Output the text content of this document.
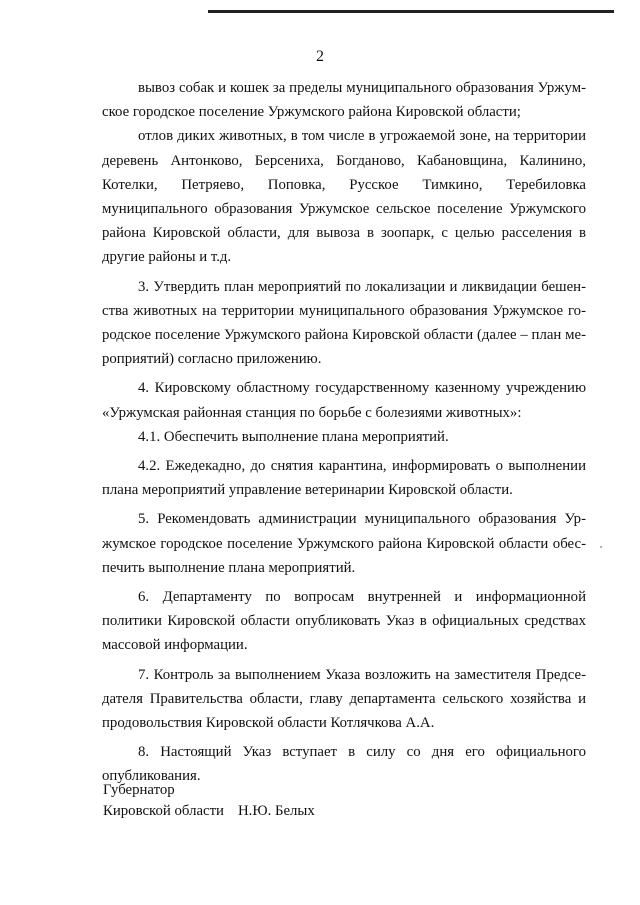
2

вывоз собак и кошек за пределы муниципального образования Уржумское городское поселение Уржумского района Кировской области;

отлов диких животных, в том числе в угрожаемой зоне, на территории деревень Антонково, Берсениха, Богданово, Кабановщина, Калинино, Котелки, Петряево, Поповка, Русское Тимкино, Теребиловка муниципального образования Уржумское сельское поселение Уржумского района Кировской области, для вывоза в зоопарк, с целью расселения в другие районы и т.д.

3. Утвердить план мероприятий по локализации и ликвидации бешенства животных на территории муниципального образования Уржумское городское поселение Уржумского района Кировской области (далее – план мероприятий) согласно приложению.

4. Кировскому областному государственному казенному учреждению «Уржумская районная станция по борьбе с болезиями животных»:

4.1. Обеспечить выполнение плана мероприятий.

4.2. Ежедекадно, до снятия карантина, информировать о выполнении плана мероприятий управление ветеринарии Кировской области.

5. Рекомендовать администрации муниципального образования Уржумское городское поселение Уржумского района Кировской области обеспечить выполнение плана мероприятий.

6. Департаменту по вопросам внутренней и информационной политики Кировской области опубликовать Указ в официальных средствах массовой информации.

7. Контроль за выполнением Указа возложить на заместителя Председателя Правительства области, главу департамента сельского хозяйства и продовольствия Кировской области Котлячкова А.А.

8. Настоящий Указ вступает в силу со дня его официального опубликования.

Губернатор
Кировской области Н.Ю. Белых
